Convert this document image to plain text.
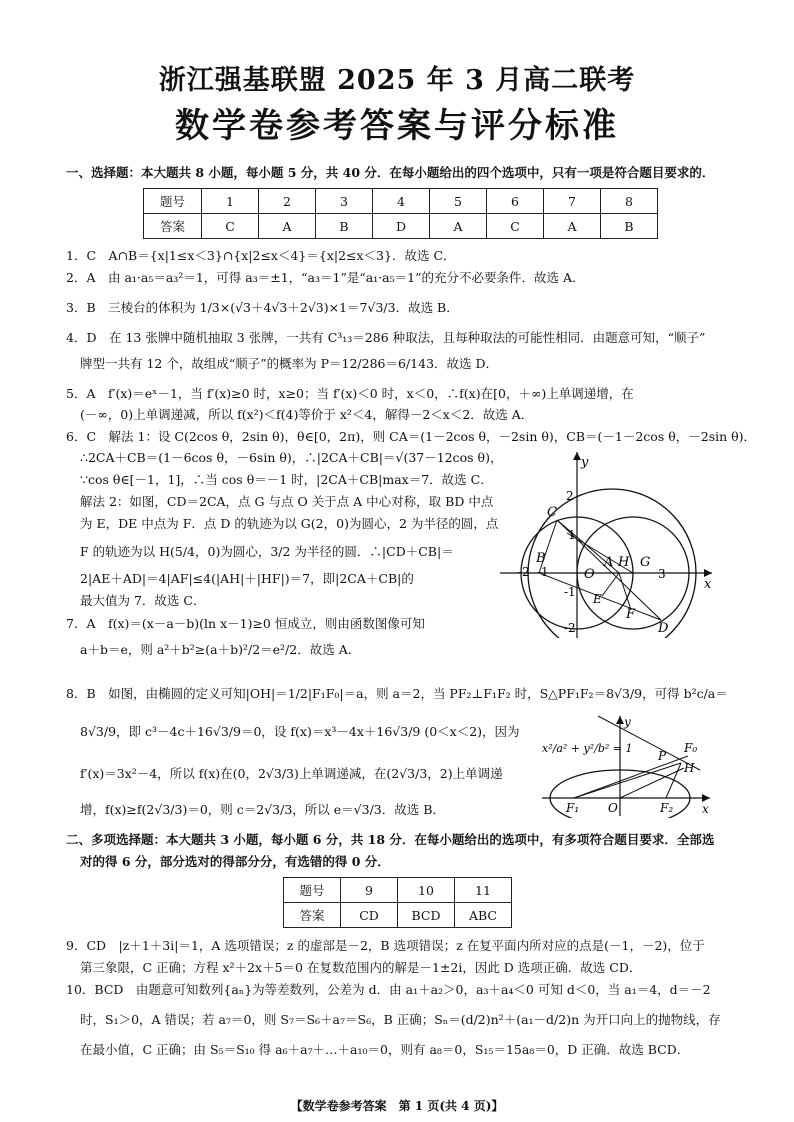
浙江强基联盟 2025 年 3 月高二联考
数学卷参考答案与评分标准
一、选择题：本大题共 8 小题，每小题 5 分，共 40 分．在每小题给出的四个选项中，只有一项是符合题目要求的．
题号	1	2	3	4	5	6	7	8
答案	C	A	B	D	A	C	A	B
1．C　A∩B＝{x|1≤x＜3}∩{x|2≤x＜4}＝{x|2≤x＜3}．故选 C．
2．A　由 a₁·a₅＝a₃²＝1，可得 a₃＝±1，“a₃＝1”是“a₁·a₅＝1”的充分不必要条件．故选 A．
3．B　三棱台的体积为 1/3×(√3＋4√3＋2√3)×1＝7√3/3．故选 B．
4．D　在 13 张牌中随机抽取 3 张牌，一共有 C³₁₃＝286 种取法，且每种取法的可能性相同．由题意可知，“顺子”
牌型一共有 12 个，故组成“顺子”的概率为 P＝12/286＝6/143．故选 D．
5．A　f′(x)＝eˣ－1，当 f′(x)≥0 时，x≥0；当 f′(x)＜0 时，x＜0，∴f(x)在[0，＋∞)上单调递增，在
(－∞，0)上单调递减，所以 f(x²)＜f(4)等价于 x²＜4，解得－2＜x＜2．故选 A．
6．C　解法 1：设 C(2cos θ，2sin θ)，θ∈[0，2π)，则 CA＝(1－2cos θ，－2sin θ)，CB＝(－1－2cos θ，－2sin θ)．
∴2CA＋CB＝(1－6cos θ，－6sin θ)，∴|2CA＋CB|＝√(37－12cos θ)，
∵cos θ∈[－1，1]，∴当 cos θ＝－1 时，|2CA＋CB|max＝7．故选 C．
解法 2：如图，CD＝2CA，点 G 与点 O 关于点 A 中心对称，取 BD 中点
为 E，DE 中点为 F．点 D 的轨迹为以 G(2，0)为圆心，2 为半径的圆，点
F 的轨迹为以 H(5/4，0)为圆心，3/2 为半径的圆．∴|CD＋CB|＝
2|AE＋AD|＝4|AF|≤4(|AH|＋|HF|)＝7，即|2CA＋CB|的
最大值为 7．故选 C．
7．A　f(x)＝(x－a－b)(ln x－1)≥0 恒成立，则由函数图像可知
a＋b＝e，则 a²＋b²≥(a＋b)²/2＝e²/2．故选 A．
8．B　如图，由椭圆的定义可知|OH|＝1/2|F₁F₀|＝a，则 a＝2，当 PF₂⊥F₁F₂ 时，S△PF₁F₂＝8√3/9，可得 b²c/a＝
8√3/9，即 c³－4c＋16√3/9＝0，设 f(x)＝x³－4x＋16√3/9 (0＜x＜2)，因为
f′(x)＝3x²－4，所以 f(x)在(0，2√3/3)上单调递减，在(2√3/3，2)上单调递
增，f(x)≥f(2√3/3)＝0，则 c＝2√3/3，所以 e＝√3/3．故选 B．
y
x
C
2
1
B	A H G
-2 -1	O	3
-1 E
F
-2	D
y
x
x²/a² + y²/b² = 1
P
F₀
H
F₁ O	F₂
二、多项选择题：本大题共 3 小题，每小题 6 分，共 18 分．在每小题给出的选项中，有多项符合题目要求．全部选
对的得 6 分，部分选对的得部分分，有选错的得 0 分．
题号	9	10	11
答案	CD	BCD	ABC
9．CD　|z＋1＋3i|＝1，A 选项错误；z 的虚部是－2，B 选项错误；z 在复平面内所对应的点是(－1，－2)，位于
第三象限，C 正确；方程 x²＋2x＋5＝0 在复数范围内的解是－1±2i，因此 D 选项正确．故选 CD．
10．BCD　由题意可知数列{aₙ}为等差数列，公差为 d．由 a₁＋a₂＞0，a₃＋a₄＜0 可知 d＜0，当 a₁＝4，d＝－2
时，S₁＞0，A 错误；若 a₇＝0，则 S₇＝S₆＋a₇＝S₆，B 正确；Sₙ＝(d/2)n²＋(a₁－d/2)n 为开口向上的抛物线，存
在最小值，C 正确；由 S₅＝S₁₀ 得 a₆＋a₇＋…＋a₁₀＝0，则有 a₈＝0，S₁₅＝15a₈＝0，D 正确．故选 BCD．
【数学卷参考答案　第 1 页(共 4 页)】
